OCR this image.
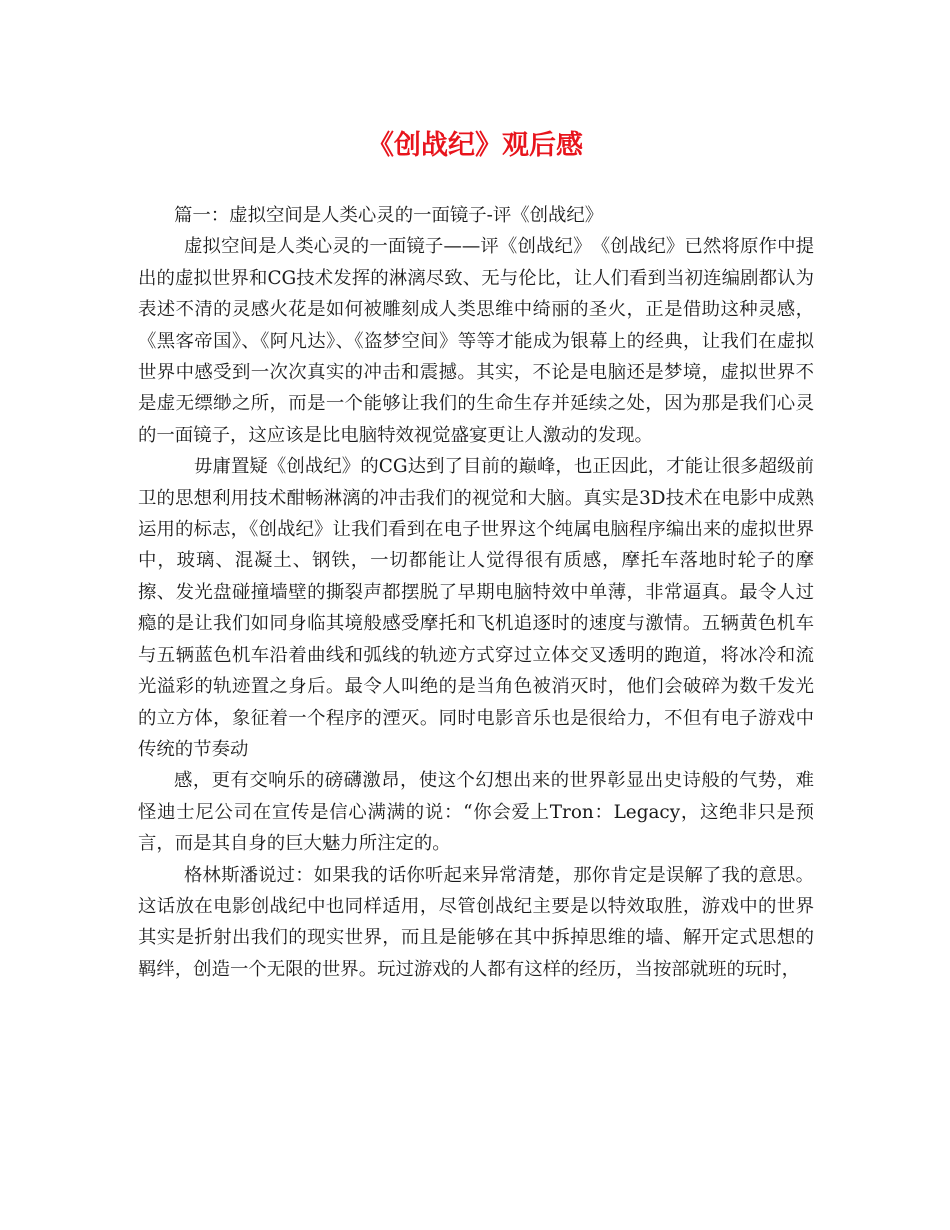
《创战纪》观后感

篇一：虚拟空间是人类心灵的一面镜子-评《创战纪》

虚拟空间是人类心灵的一面镜子——评《创战纪》　《创战纪》已然将原作中提出的虚拟世界和CG技术发挥的淋漓尽致、无与伦比，让人们看到当初连编剧都认为表述不清的灵感火花是如何被雕刻成人类思维中绮丽的圣火，正是借助这种灵感，《黑客帝国》、《阿凡达》、《盗梦空间》等等才能成为银幕上的经典，让我们在虚拟世界中感受到一次次真实的冲击和震撼。其实，不论是电脑还是梦境，虚拟世界不是虚无缥缈之所，而是一个能够让我们的生命生存并延续之处，因为那是我们心灵的一面镜子，这应该是比电脑特效视觉盛宴更让人激动的发现。

毋庸置疑《创战纪》的CG达到了目前的巅峰，也正因此，才能让很多超级前卫的思想利用技术酣畅淋漓的冲击我们的视觉和大脑。真实是3D技术在电影中成熟运用的标志，《创战纪》让我们看到在电子世界这个纯属电脑程序编出来的虚拟世界中，玻璃、混凝土、钢铁，一切都能让人觉得很有质感，摩托车落地时轮子的摩擦、发光盘碰撞墙壁的撕裂声都摆脱了早期电脑特效中单薄，非常逼真。最令人过瘾的是让我们如同身临其境般感受摩托和飞机追逐时的速度与激情。五辆黄色机车与五辆蓝色机车沿着曲线和弧线的轨迹方式穿过立体交叉透明的跑道，将冰冷和流光溢彩的轨迹置之身后。最令人叫绝的是当角色被消灭时，他们会破碎为数千发光的立方体，象征着一个程序的湮灭。同时电影音乐也是很给力，不但有电子游戏中传统的节奏动

感，更有交响乐的磅礴激昂，使这个幻想出来的世界彰显出史诗般的气势，难怪迪士尼公司在宣传是信心满满的说：“你会爱上Tron：Legacy，这绝非只是预言，而是其自身的巨大魅力所注定的。

格林斯潘说过：如果我的话你听起来异常清楚，那你肯定是误解了我的意思。这话放在电影创战纪中也同样适用，尽管创战纪主要是以特效取胜，游戏中的世界其实是折射出我们的现实世界，而且是能够在其中拆掉思维的墙、解开定式思想的羁绊，创造一个无限的世界。玩过游戏的人都有这样的经历，当按部就班的玩时，
